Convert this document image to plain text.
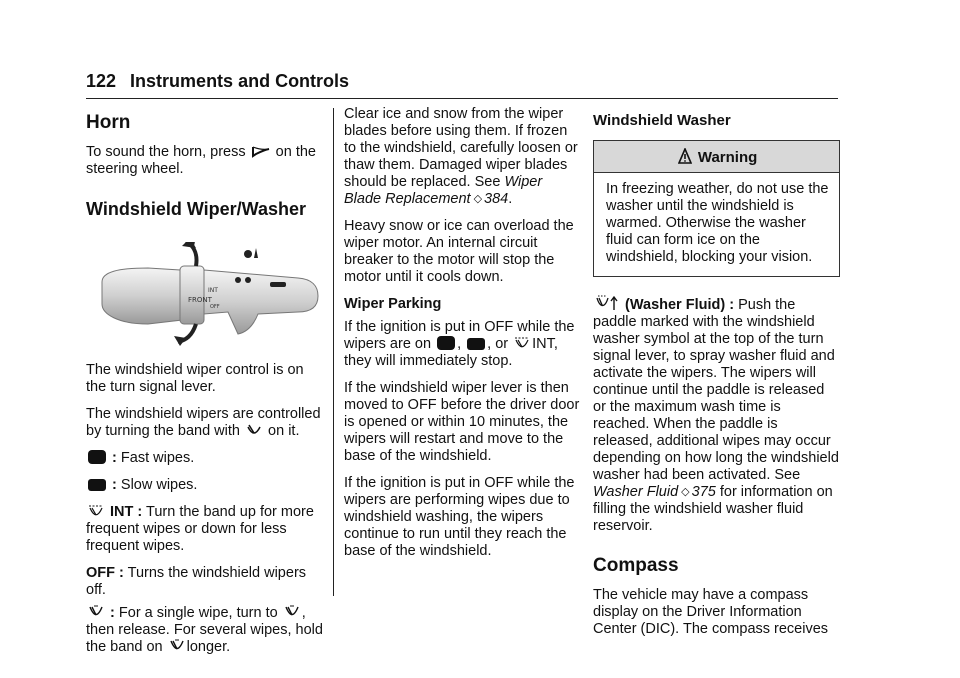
122 Instruments and Controls
Horn

To sound the horn, press on the steering wheel.

Windshield Wiper/Washer
FRONT
INT
OFF

The windshield wiper control is on the turn signal lever.

The windshield wipers are controlled by turning the band with on it.

: Fast wipes.

: Slow wipes.

INT : Turn the band up for more frequent wipes or down for less frequent wipes.

OFF : Turns the windshield wipers off.

: For a single wipe, turn to , then release. For several wipes, hold the band on longer.

Clear ice and snow from the wiper blades before using them. If frozen to the windshield, carefully loosen or thaw them. Damaged wiper blades should be replaced. See Wiper Blade Replacement ◇ 384.

Heavy snow or ice can overload the wiper motor. An internal circuit breaker to the motor will stop the motor until it cools down.

Wiper Parking

If the ignition is put in OFF while the wipers are on , , or INT, they will immediately stop.

If the windshield wiper lever is then moved to OFF before the driver door is opened or within 10 minutes, the wipers will restart and move to the base of the windshield.

If the ignition is put in OFF while the wipers are performing wipes due to windshield washing, the wipers continue to run until they reach the base of the windshield.

Windshield Washer
Warning

In freezing weather, do not use the washer until the windshield is warmed. Otherwise the washer fluid can form ice on the windshield, blocking your vision.

(Washer Fluid) : Push the paddle marked with the windshield washer symbol at the top of the turn signal lever, to spray washer fluid and activate the wipers. The wipers will continue until the paddle is released or the maximum wash time is reached. When the paddle is released, additional wipes may occur depending on how long the windshield washer had been activated. See Washer Fluid ◇ 375 for information on filling the windshield washer fluid reservoir.

Compass

The vehicle may have a compass display on the Driver Information Center (DIC). The compass receives
